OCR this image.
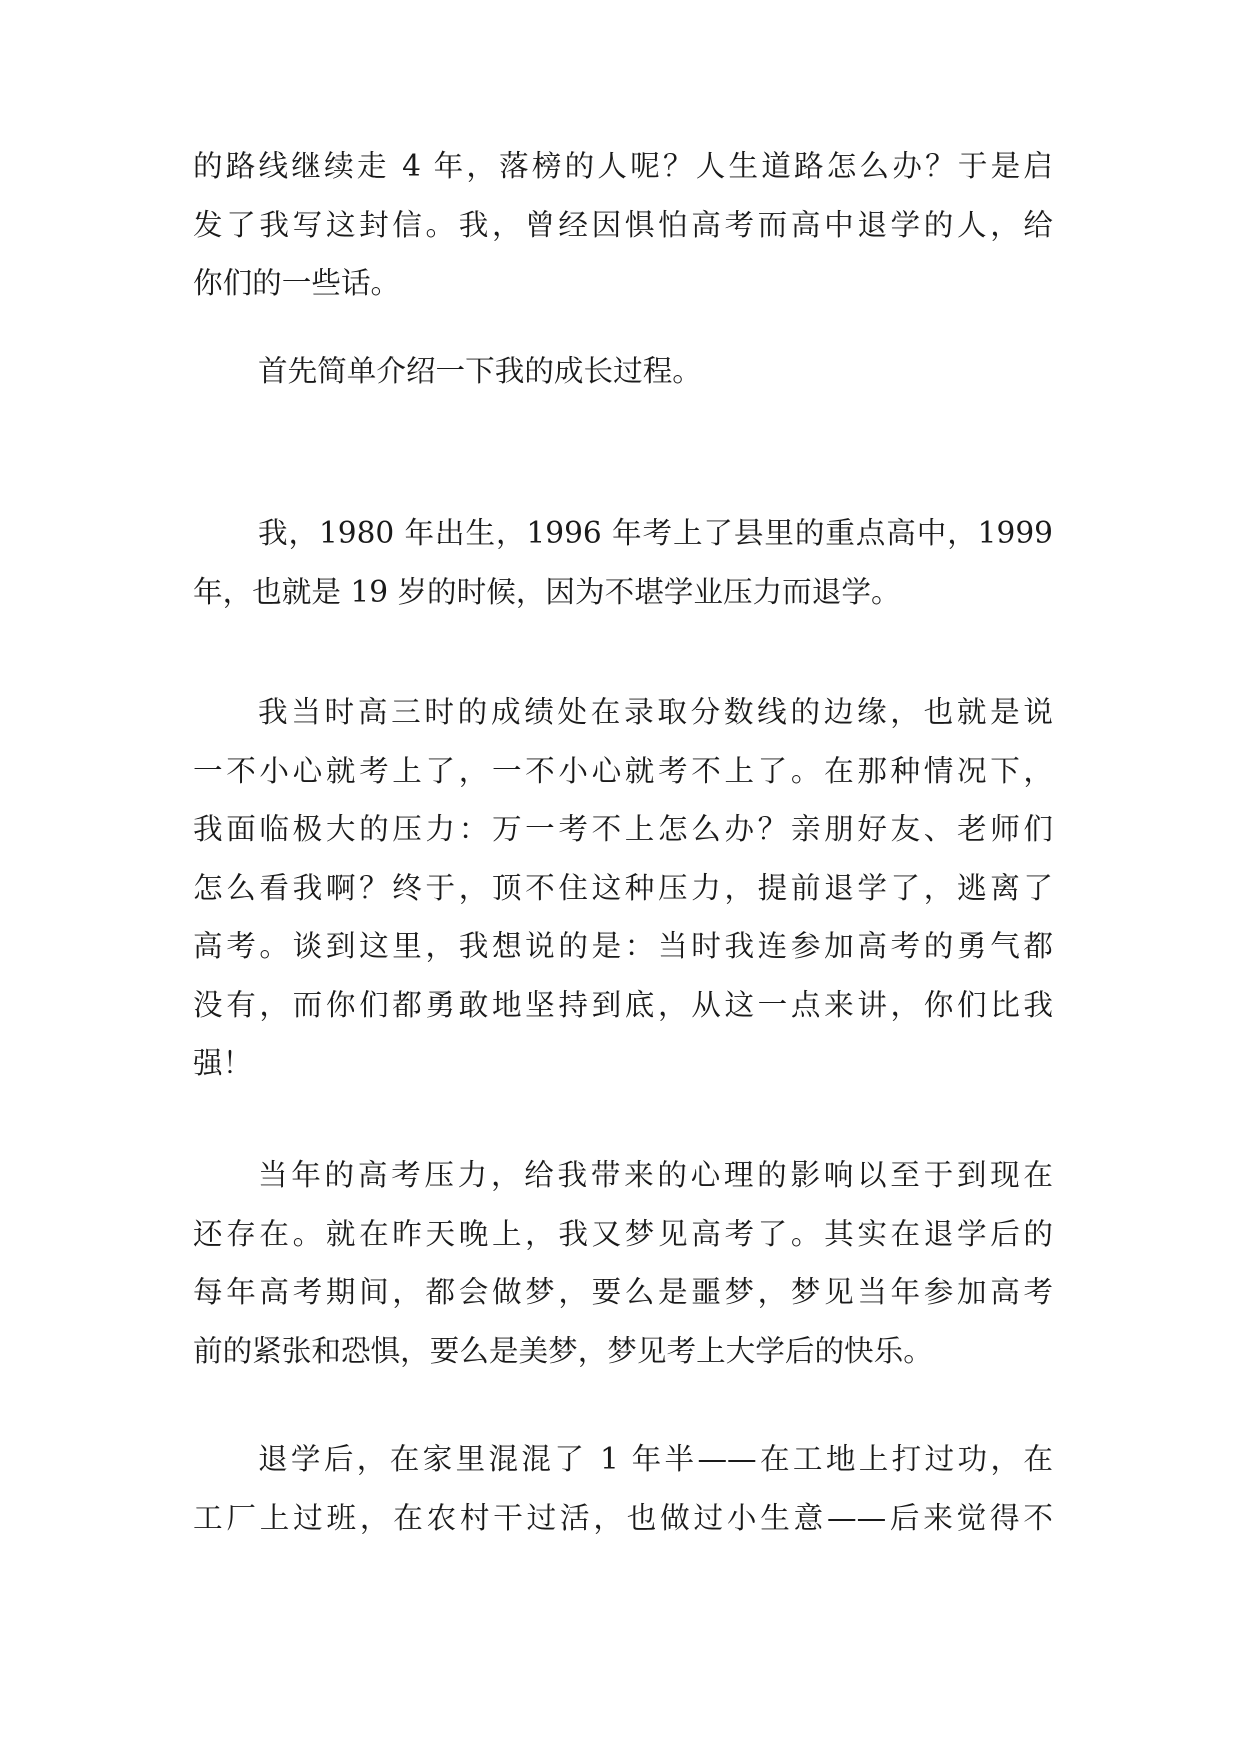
的路线继续走 4 年，落榜的人呢？人生道路怎么办？于是启
发了我写这封信。我，曾经因惧怕高考而高中退学的人，给
你们的一些话。
首先简单介绍一下我的成长过程。
我，1980 年出生，1996 年考上了县里的重点高中，1999
年，也就是 19 岁的时候，因为不堪学业压力而退学。
我当时高三时的成绩处在录取分数线的边缘，也就是说
一不小心就考上了，一不小心就考不上了。在那种情况下，
我面临极大的压力：万一考不上怎么办？亲朋好友、老师们
怎么看我啊？终于，顶不住这种压力，提前退学了，逃离了
高考。谈到这里，我想说的是：当时我连参加高考的勇气都
没有，而你们都勇敢地坚持到底，从这一点来讲，你们比我
强！
当年的高考压力，给我带来的心理的影响以至于到现在
还存在。就在昨天晚上，我又梦见高考了。其实在退学后的
每年高考期间，都会做梦，要么是噩梦，梦见当年参加高考
前的紧张和恐惧，要么是美梦，梦见考上大学后的快乐。
退学后，在家里混混了 1 年半——在工地上打过功，在
工厂上过班，在农村干过活，也做过小生意——后来觉得不
